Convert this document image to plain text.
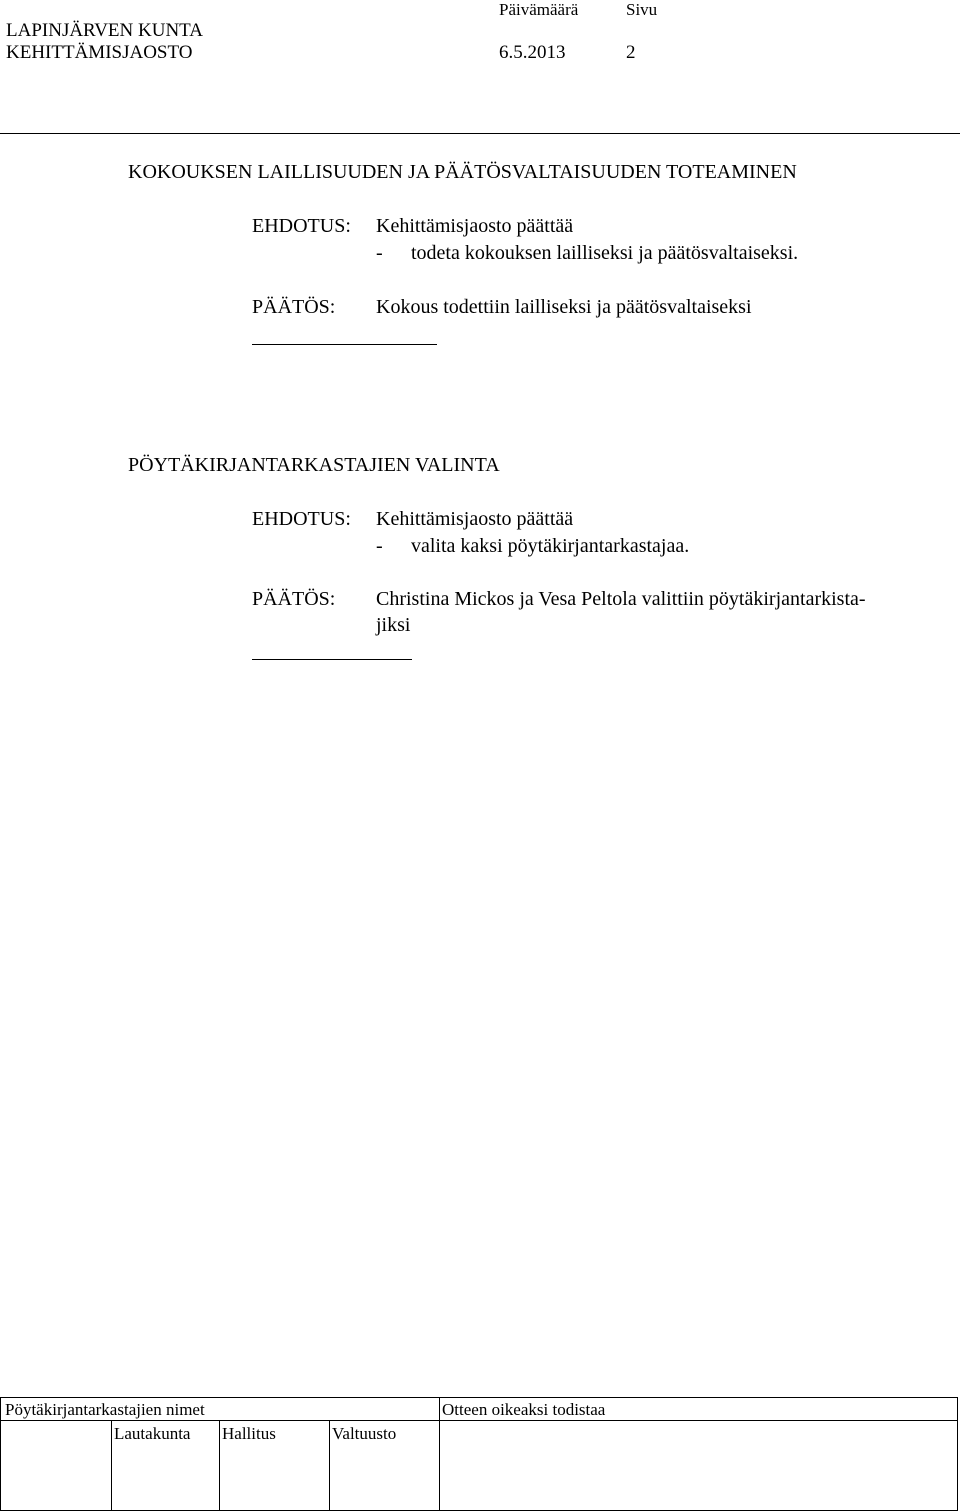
LAPINJÄRVEN KUNTA
KEHITTÄMISJAOSTO
Päivämäärä
6.5.2013
Sivu
2
KOKOUKSEN LAILLISUUDEN JA PÄÄTÖSVALTAISUUDEN TOTEAMINEN
EHDOTUS: Kehittämisjaosto päättää
- todeta kokouksen lailliseksi ja päätösvaltaiseksi.
PÄÄTÖS: Kokous todettiin lailliseksi ja päätösvaltaiseksi
PÖYTÄKIRJANTARKASTAJIEN VALINTA
EHDOTUS: Kehittämisjaosto päättää
- valita kaksi pöytäkirjantarkastajaa.
PÄÄTÖS: Christina Mickos ja Vesa Peltola valittiin pöytäkirjantarkista-
jiksi
Pöytäkirjantarkastajien nimet	Otteen oikeaksi todistaa
Lautakunta Hallitus	Valtuusto
